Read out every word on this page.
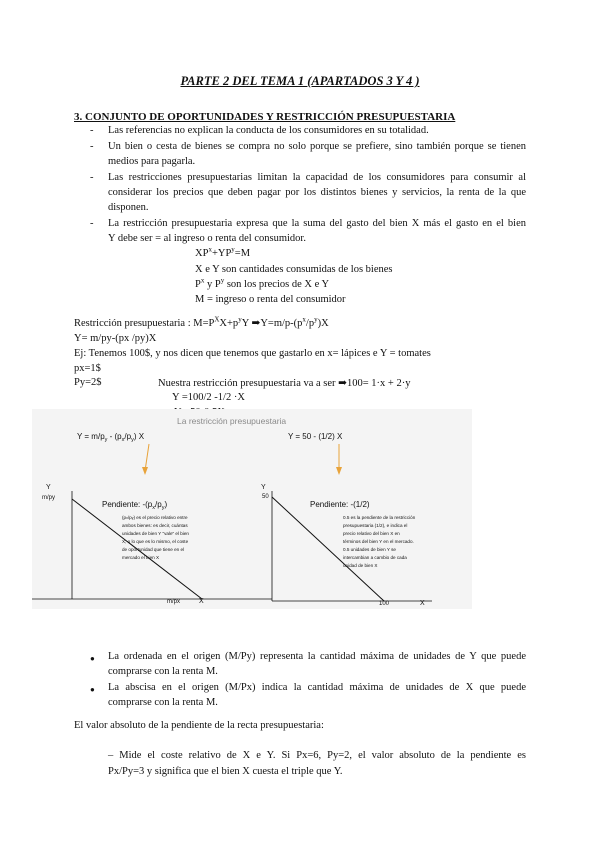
PARTE 2 DEL TEMA 1 (APARTADOS 3 Y 4 )
3. CONJUNTO DE OPORTUNIDADES Y RESTRICCIÓN PRESUPUESTARIA
- Las referencias no explican la conducta de los consumidores en su totalidad.
- Un bien o cesta de bienes se compra no solo porque se prefiere, sino también porque se tienen
medios para pagarla.
- Las restricciones presupuestarias limitan la capacidad de los consumidores para consumir al
considerar los precios que deben pagar por los distintos bienes y servicios, la renta de la que
disponen.
- La restricción presupuestaria expresa que la suma del gasto del bien X más el gasto en el bien
Y debe ser = al ingreso o renta del consumidor.
$XP^x+YP^y=M$
X e Y son cantidades consumidas de los bienes
$P^x$ y $P^y$ son los precios de X e Y
M = ingreso o renta del consumidor
Restricción presupuestaria : $M=P^XX+p^yY$ $➡Y=m/p-(p^x/p^y)X$
Y= m/py-(px /py)X
Ej: Tenemos 100$, y nos dicen que tenemos que gastarlo en x= lápices e Y = tomates
px=1$
Py=2$	Nuestra restricción presupuestaria va a ser ➡100= 1·x + 2·y
Y =100/2 -1/2 ·X
La restricción presupuestaria
$Y = m/p_y - (p_x/p_y)$ X
Y
m/py
m/px	X
Pendiente: $-(p_x/p_y)$
(px/py) es el precio relativo entre
ambos bienes: es decir, cuántas
unidades de bien Y "vale" el bien
X, o lo que es lo mismo, el coste
de oportunidad que tiene en el
mercado el bien X
Y = 50 - (1/2) X
Y
50
100	X
Pendiente: -(1/2)
0.5 es la pendiente de la restricción
presupuestaria (1/2), e indica el
precio relativo del bien X en
términos del bien Y en el mercado.
0.5 unidades de bien Y se
intercambian a cambio de cada
unidad de bien X
● La ordenada en el origen (M/Py) representa la cantidad máxima de unidades de Y que puede
comprarse con la renta M.
● La abscisa en el origen (M/Px) indica la cantidad máxima de unidades de X que puede
comprarse con la renta M.
El valor absoluto de la pendiente de la recta presupuestaria:
– Mide el coste relativo de X e Y. Si Px=6, Py=2, el valor absoluto de la pendiente es
Px/Py=3 y significa que el bien X cuesta el triple que Y.
